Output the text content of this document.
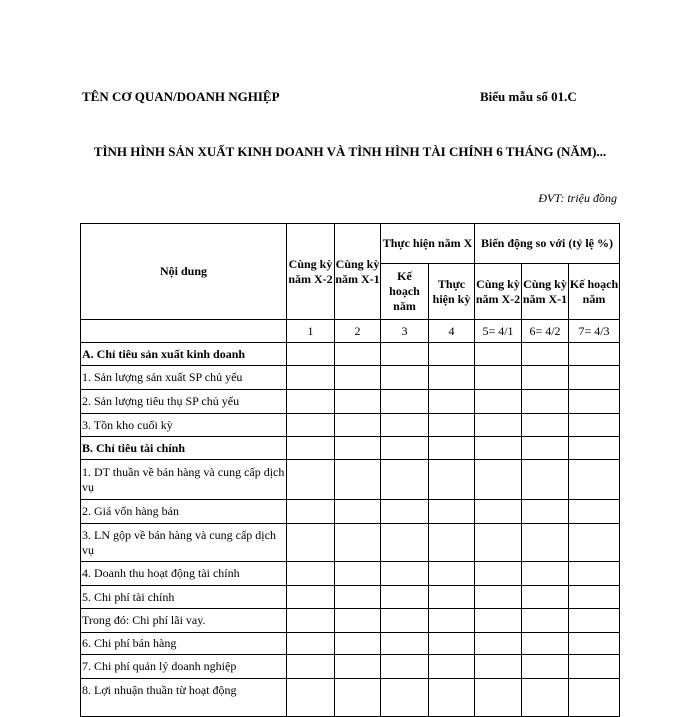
TÊN CƠ QUAN/DOANH NGHIỆP	Biểu mẫu số 01.C
TÌNH HÌNH SẢN XUẤT KINH DOANH VÀ TÌNH HÌNH TÀI CHÍNH 6 THÁNG (NĂM)...
ĐVT: triệu đồng
Nội dung	Cùng kỳ năm X-2	Cùng kỳ năm X-1	Thực hiện năm X		Biến động so với (tỷ lệ %)		
			Kế hoạch năm	Thực hiện kỳ	Cùng kỳ năm X-2	Cùng kỳ năm X-1	Kế hoạch năm
	1	2	3	4	5= 4/1	6= 4/2	7= 4/3
A. Chỉ tiêu sản xuất kinh doanh							
1. Sản lượng sản xuất SP chủ yếu							
2. Sản lượng tiêu thụ SP chủ yếu							
3. Tồn kho cuối kỳ							
B. Chỉ tiêu tài chính							
1. DT thuần về bán hàng và cung cấp dịch vụ							
2. Giá vốn hàng bán							
3. LN gộp về bán hàng và cung cấp dịch vụ							
4. Doanh thu hoạt động tài chính							
5. Chi phí tài chính							
Trong đó: Chi phí lãi vay.							
6. Chi phí bán hàng							
7. Chi phí quản lý doanh nghiệp							
8. Lợi nhuận thuần từ hoạt động							
